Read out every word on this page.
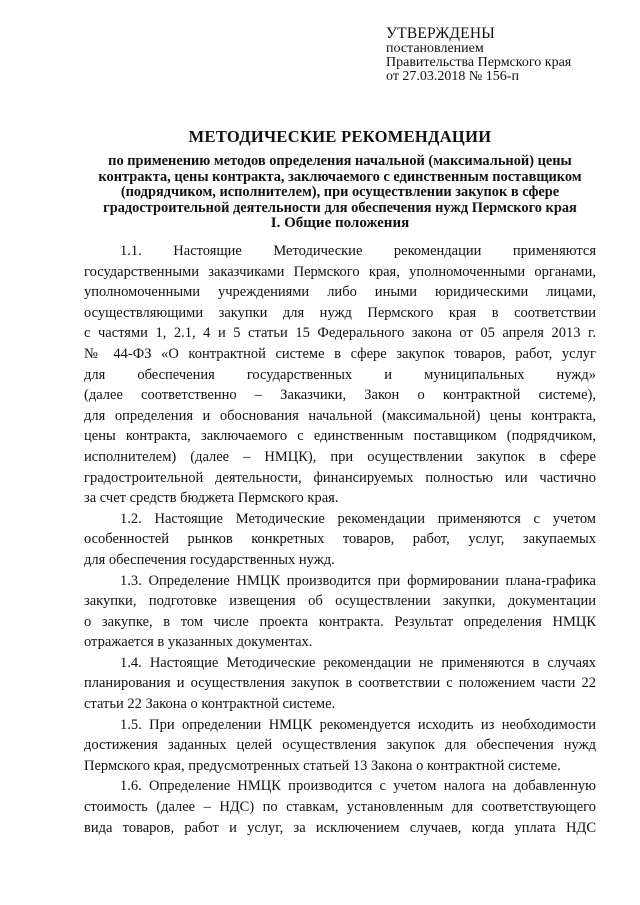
УТВЕРЖДЕНЫ
постановлением
Правительства Пермского края
от 27.03.2018 № 156-п
МЕТОДИЧЕСКИЕ РЕКОМЕНДАЦИИ
по применению методов определения начальной (максимальной) цены
контракта, цены контракта, заключаемого с единственным поставщиком
(подрядчиком, исполнителем), при осуществлении закупок в сфере
градостроительной деятельности для обеспечения нужд Пермского края
I. Общие положения
1.1. Настоящие Методические рекомендации применяются
государственными заказчиками Пермского края, уполномоченными органами,
уполномоченными учреждениями либо иными юридическими лицами,
осуществляющими закупки для нужд Пермского края в соответствии
с частями 1, 2.1, 4 и 5 статьи 15 Федерального закона от 05 апреля 2013 г.
№ 44-ФЗ «О контрактной системе в сфере закупок товаров, работ, услуг
для обеспечения государственных и муниципальных нужд»
(далее соответственно – Заказчики, Закон о контрактной системе),
для определения и обоснования начальной (максимальной) цены контракта,
цены контракта, заключаемого с единственным поставщиком (подрядчиком,
исполнителем) (далее – НМЦК), при осуществлении закупок в сфере
градостроительной деятельности, финансируемых полностью или частично
за счет средств бюджета Пермского края.
1.2. Настоящие Методические рекомендации применяются с учетом
особенностей рынков конкретных товаров, работ, услуг, закупаемых
для обеспечения государственных нужд.
1.3. Определение НМЦК производится при формировании плана-графика
закупки, подготовке извещения об осуществлении закупки, документации
о закупке, в том числе проекта контракта. Результат определения НМЦК
отражается в указанных документах.
1.4. Настоящие Методические рекомендации не применяются в случаях
планирования и осуществления закупок в соответствии с положением части 22
статьи 22 Закона о контрактной системе.
1.5. При определении НМЦК рекомендуется исходить из необходимости
достижения заданных целей осуществления закупок для обеспечения нужд
Пермского края, предусмотренных статьей 13 Закона о контрактной системе.
1.6. Определение НМЦК производится с учетом налога на добавленную
стоимость (далее – НДС) по ставкам, установленным для соответствующего
вида товаров, работ и услуг, за исключением случаев, когда уплата НДС
